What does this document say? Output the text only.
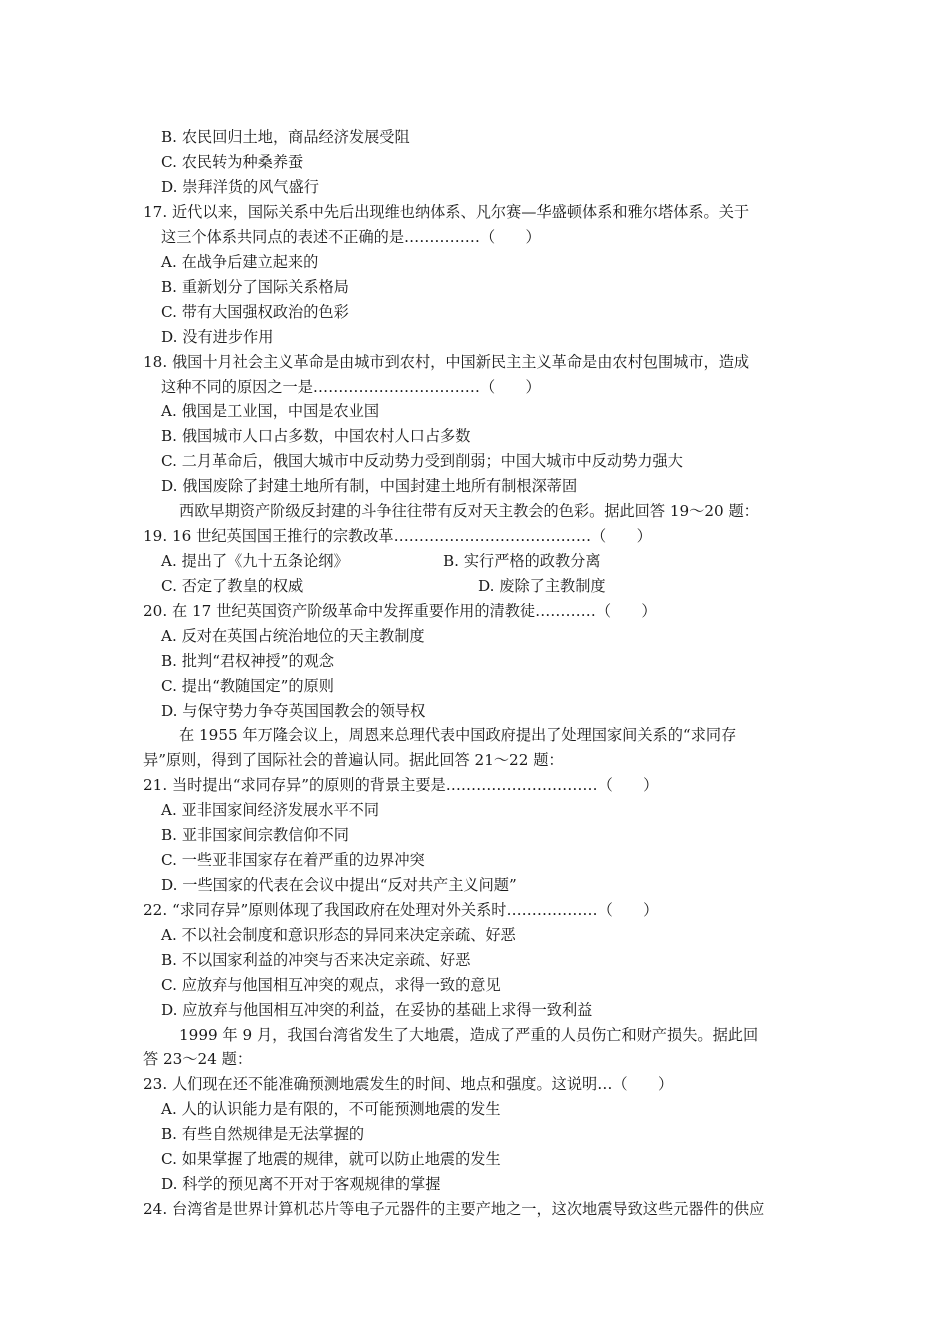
B. 农民回归土地，商品经济发展受阻
C. 农民转为种桑养蚕
D. 崇拜洋货的风气盛行
17. 近代以来，国际关系中先后出现维也纳体系、凡尔赛—华盛顿体系和雅尔塔体系。关于
这三个体系共同点的表述不正确的是……………（　　）
A. 在战争后建立起来的
B. 重新划分了国际关系格局
C. 带有大国强权政治的色彩
D. 没有进步作用
18. 俄国十月社会主义革命是由城市到农村，中国新民主主义革命是由农村包围城市，造成
这种不同的原因之一是……………………………（　　）
A. 俄国是工业国，中国是农业国
B. 俄国城市人口占多数，中国农村人口占多数
C. 二月革命后，俄国大城市中反动势力受到削弱；中国大城市中反动势力强大
D. 俄国废除了封建土地所有制，中国封建土地所有制根深蒂固
西欧早期资产阶级反封建的斗争往往带有反对天主教会的色彩。据此回答 19～20 题：
19. 16 世纪英国国王推行的宗教改革…………………………………（　　）
A. 提出了《九十五条论纲》	B. 实行严格的政教分离
C. 否定了教皇的权威	D. 废除了主教制度
20. 在 17 世纪英国资产阶级革命中发挥重要作用的清教徒…………（　　）
A. 反对在英国占统治地位的天主教制度
B. 批判“君权神授”的观念
C. 提出“教随国定”的原则
D. 与保守势力争夺英国国教会的领导权
在 1955 年万隆会议上，周恩来总理代表中国政府提出了处理国家间关系的“求同存
异”原则，得到了国际社会的普遍认同。据此回答 21～22 题：
21. 当时提出“求同存异”的原则的背景主要是…………………………（　　）
A. 亚非国家间经济发展水平不同
B. 亚非国家间宗教信仰不同
C. 一些亚非国家存在着严重的边界冲突
D. 一些国家的代表在会议中提出“反对共产主义问题”
22. “求同存异”原则体现了我国政府在处理对外关系时………………（　　）
A. 不以社会制度和意识形态的异同来决定亲疏、好恶
B. 不以国家利益的冲突与否来决定亲疏、好恶
C. 应放弃与他国相互冲突的观点，求得一致的意见
D. 应放弃与他国相互冲突的利益，在妥协的基础上求得一致利益
1999 年 9 月，我国台湾省发生了大地震，造成了严重的人员伤亡和财产损失。据此回
答 23～24 题：
23. 人们现在还不能准确预测地震发生的时间、地点和强度。这说明…（　　）
A. 人的认识能力是有限的，不可能预测地震的发生
B. 有些自然规律是无法掌握的
C. 如果掌握了地震的规律，就可以防止地震的发生
D. 科学的预见离不开对于客观规律的掌握
24. 台湾省是世界计算机芯片等电子元器件的主要产地之一，这次地震导致这些元器件的供应
